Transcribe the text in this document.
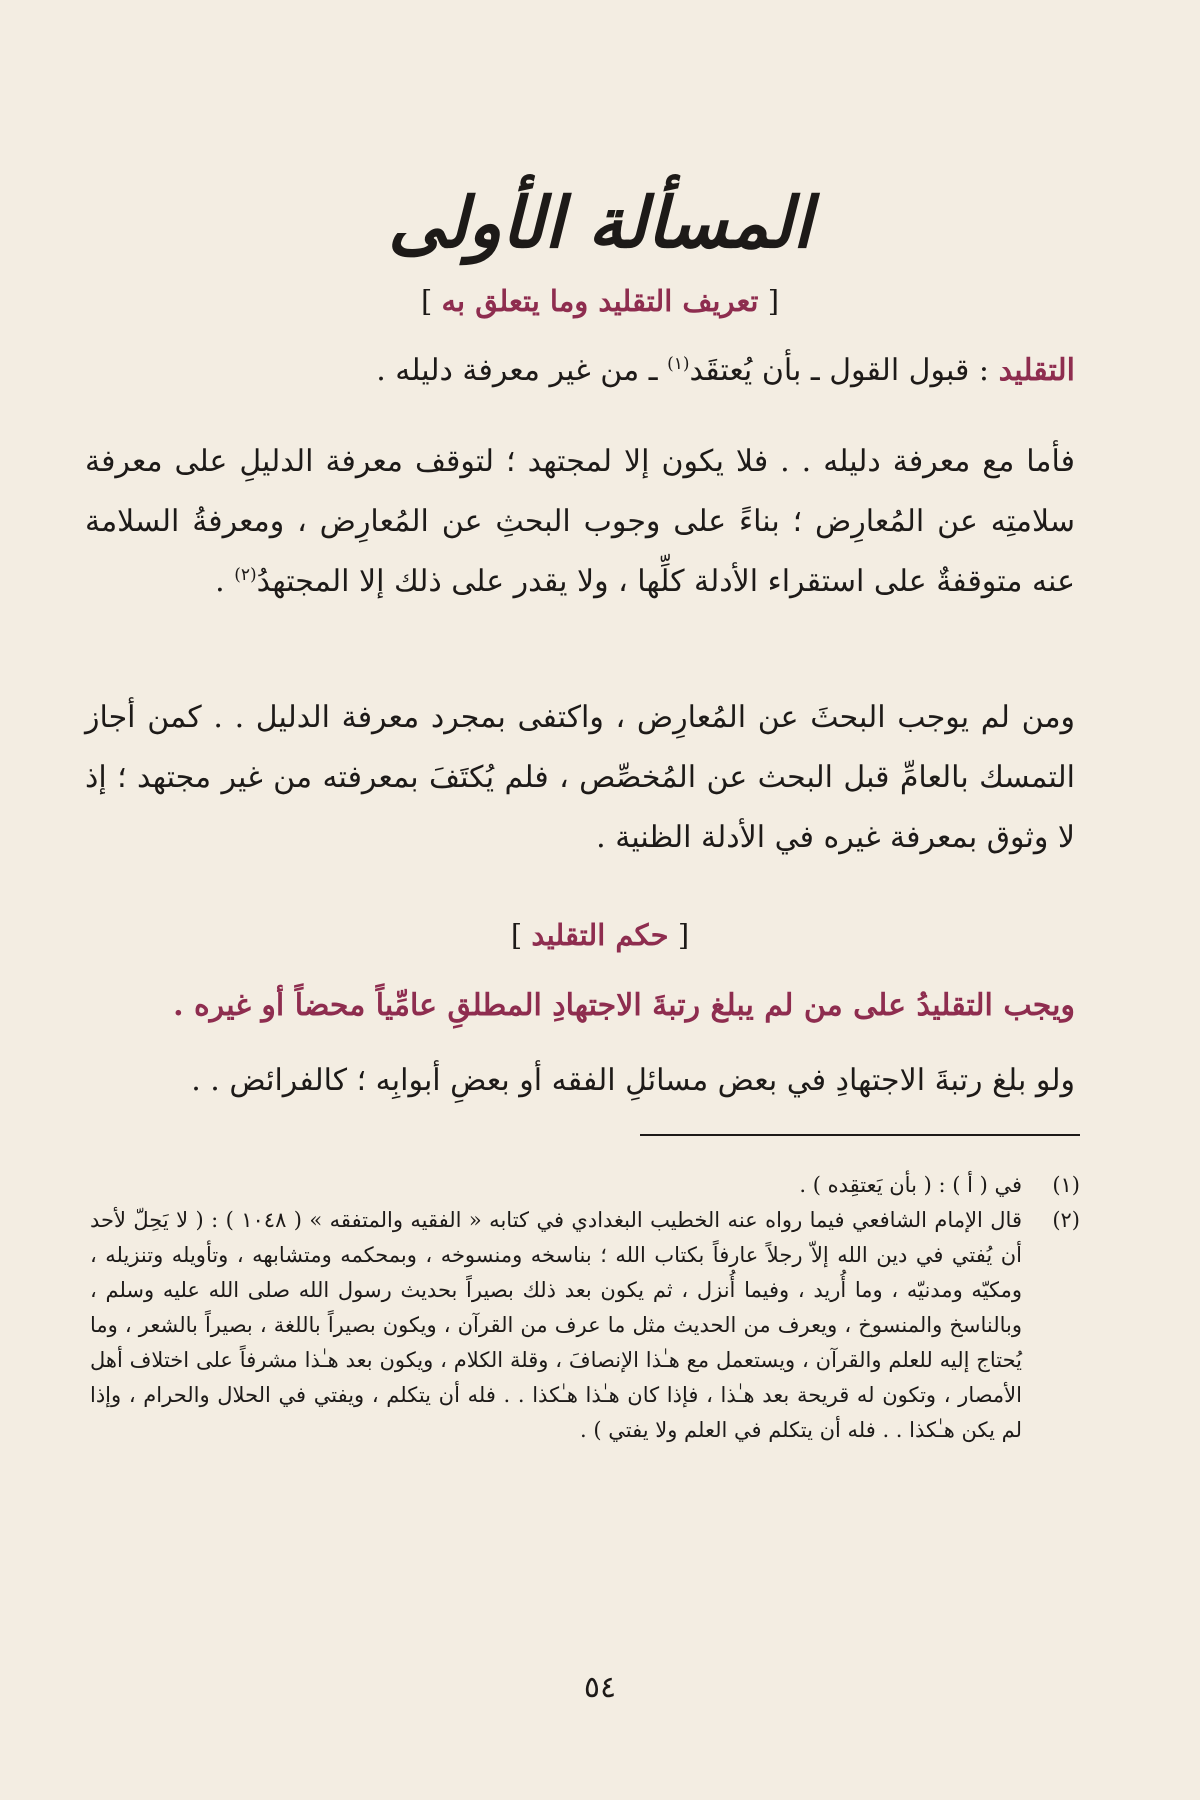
المسألة الأولى
[ تعريف التقليد وما يتعلق به ]

التقليد : قبول القول ـ بأن يُعتقَد$^{(١)}$ ـ من غير معرفة دليله .

فأما مع معرفة دليله . . فلا يكون إلا لمجتهد ؛ لتوقف معرفة الدليلِ على معرفة سلامتِه عن المُعارِض ؛ بناءً على وجوب البحثِ عن المُعارِض ، ومعرفةُ السلامة عنه متوقفةٌ على استقراء الأدلة كلِّها ، ولا يقدر على ذلك إلا المجتهدُ$^{(٢)}$ .

ومن لم يوجب البحثَ عن المُعارِض ، واكتفى بمجرد معرفة الدليل . . كمن أجاز التمسك بالعامِّ قبل البحث عن المُخصِّص ، فلم يُكتَفَ بمعرفته من غير مجتهد ؛ إذ لا وثوق بمعرفة غيره في الأدلة الظنية .

[ حكم التقليد ]

ويجب التقليدُ على من لم يبلغ رتبةَ الاجتهادِ المطلقِ عامِّياً محضاً أو غيره .

ولو بلغ رتبةَ الاجتهادِ في بعض مسائلِ الفقه أو بعضِ أبوابِه ؛ كالفرائض . .

(١)
في ( أ ) : ( بأن يَعتقِده ) .
(٢)
قال الإمام الشافعي فيما رواه عنه الخطيب البغدادي في كتابه « الفقيه والمتفقه » ( ١٠٤٨ ) : ( لا يَحِلّ لأحد أن يُفتي في دين الله إلاّ رجلاً عارفاً بكتاب الله ؛ بناسخه ومنسوخه ، وبمحكمه ومتشابهه ، وتأويله وتنزيله ، ومكيّه ومدنيّه ، وما أُريد ، وفيما أُنزل ، ثم يكون بعد ذلك بصيراً بحديث رسول الله صلى الله عليه وسلم ، وبالناسخ والمنسوخ ، ويعرف من الحديث مثل ما عرف من القرآن ، ويكون بصيراً باللغة ، بصيراً بالشعر ، وما يُحتاج إليه للعلم والقرآن ، ويستعمل مع هـٰذا الإنصافَ ، وقلة الكلام ، ويكون بعد هـٰذا مشرفاً على اختلاف أهل الأمصار ، وتكون له قريحة بعد هـٰذا ، فإذا كان هـٰذا هـٰكذا . . فله أن يتكلم ، ويفتي في الحلال والحرام ، وإذا لم يكن هـٰكذا . . فله أن يتكلم في العلم ولا يفتي ) .
٥٤
